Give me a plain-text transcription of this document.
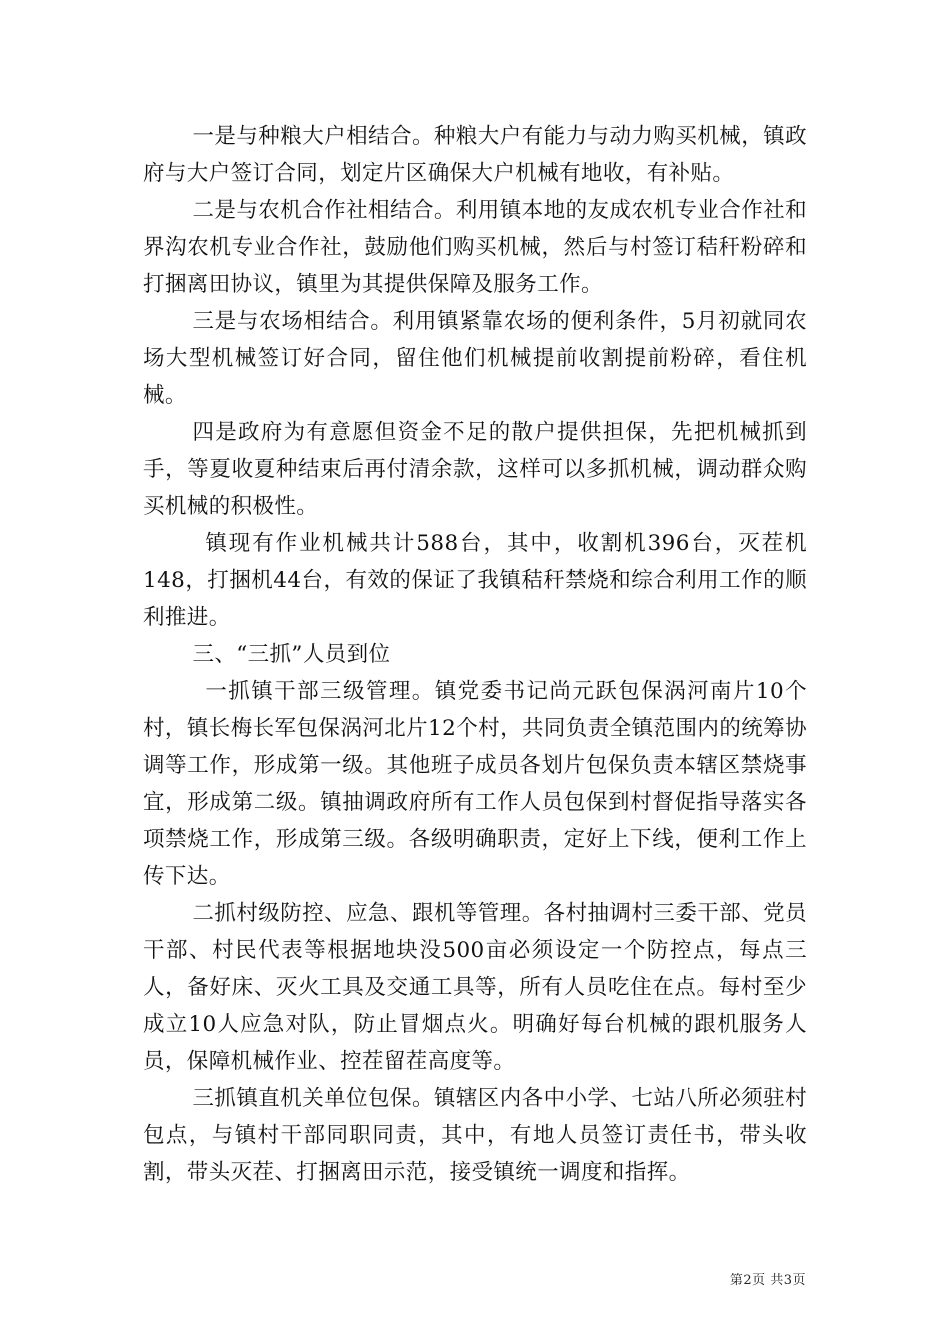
一是与种粮大户相结合。种粮大户有能力与动力购买机械，镇政府与大户签订合同，划定片区确保大户机械有地收，有补贴。

二是与农机合作社相结合。利用镇本地的友成农机专业合作社和界沟农机专业合作社，鼓励他们购买机械，然后与村签订秸秆粉碎和打捆离田协议，镇里为其提供保障及服务工作。

三是与农场相结合。利用镇紧靠农场的便利条件，5月初就同农场大型机械签订好合同，留住他们机械提前收割提前粉碎，看住机械。

四是政府为有意愿但资金不足的散户提供担保，先把机械抓到手，等夏收夏种结束后再付清余款，这样可以多抓机械，调动群众购买机械的积极性。

镇现有作业机械共计588台，其中，收割机396台，灭茬机148，打捆机44台，有效的保证了我镇秸秆禁烧和综合利用工作的顺利推进。

三、“三抓”人员到位

一抓镇干部三级管理。镇党委书记尚元跃包保涡河南片10个村，镇长梅长军包保涡河北片12个村，共同负责全镇范围内的统筹协调等工作，形成第一级。其他班子成员各划片包保负责本辖区禁烧事宜，形成第二级。镇抽调政府所有工作人员包保到村督促指导落实各项禁烧工作，形成第三级。各级明确职责，定好上下线，便利工作上传下达。

二抓村级防控、应急、跟机等管理。各村抽调村三委干部、党员干部、村民代表等根据地块没500亩必须设定一个防控点，每点三人，备好床、灭火工具及交通工具等，所有人员吃住在点。每村至少成立10人应急对队，防止冒烟点火。明确好每台机械的跟机服务人员，保障机械作业、控茬留茬高度等。

三抓镇直机关单位包保。镇辖区内各中小学、七站八所必须驻村包点，与镇村干部同职同责，其中，有地人员签订责任书，带头收割，带头灭茬、打捆离田示范，接受镇统一调度和指挥。

第2页 共3页
